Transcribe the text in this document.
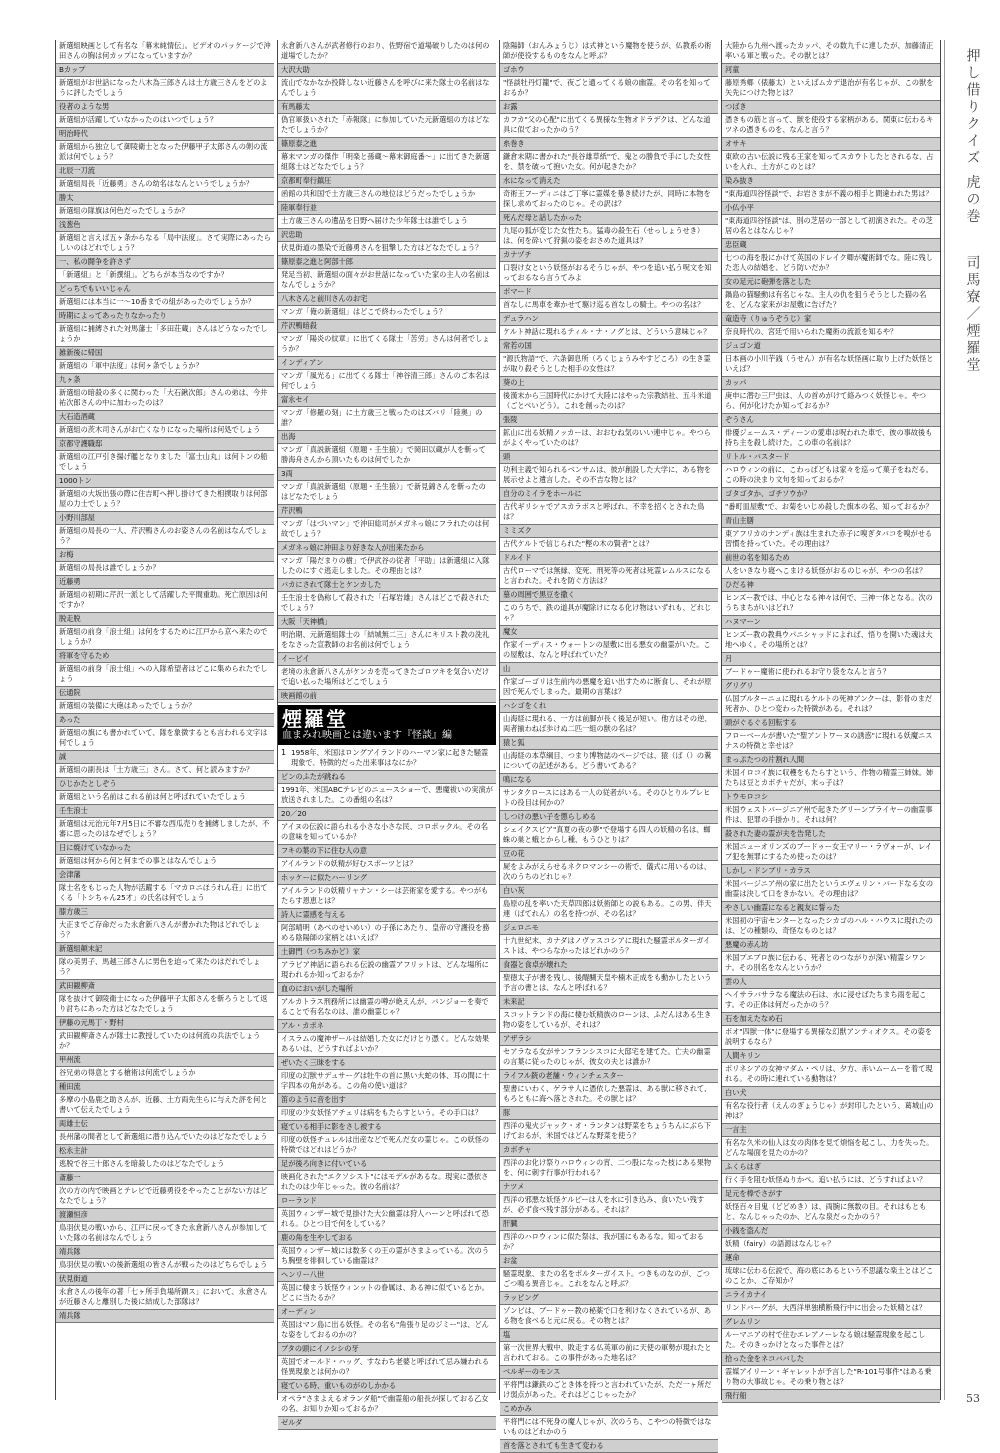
新選組映画として有名な「幕末純情伝」。ビデオのパッケージで沖田さんの胸は何カップになっていますか？
Bカップ
新選組がお世話になった八木為三郎さんは土方歳三さんをどのように評したでしょう
役者のような男
新選組が活躍していなかったのはいつでしょう？
明治時代
新選組から独立して御陵衛士となった伊藤甲子太郎さんの剣の流派は何でしょう？
北辰一刀流
新選組局長「近藤勇」さんの幼名はなんというでしょうか？
勝太
新選組の隊旗は何色だったでしょうか？
浅葱色
新選組と言えば五ヶ条からなる「局中法度」。さて実際にあったらしいのはどれでしょう？
一、私の闘争を許さず
「新選組」と「新撰組」。どちらが本当なのですか？
どっちでもいいじゃん
新選組には本当に一〜10番までの組があったのでしょうか？
時期によってあったりなかったり
新選組に捕縛された対馬藩士「多田荘蔵」さんはどうなったでしょうか
雑新後に帰国
新選組の「軍中法度」は何ヶ条でしょうか？
九ヶ条
新選組の暗殺の多くに関わった「大石鍬次郎」さんの弟は、今井祐次郎さんの中に加わったのは？
大石造酒蔵
新選組の茨木司さんがお亡くなりになった場所は何処でしょう
京都守護職邸
新選組の江戸引き揚げ艦となりました「富士山丸」は何トンの船でしょう
1000トン
新選組の大坂出張の際に住吉町へ押し掛けてきた相撲取りは何部屋の力士でしょう？
小野川部屋
新選組の局長の一人、芹沢鴨さんのお姿さんの名前はなんでしょう？
お梅
新選組の局長は誰でしょうか？
近藤勇
新選組の初期に芹沢一派として活躍した平間重助。死亡原因は何ですか？
脱走脱
新選組の前身「浪士組」は何をするために江戸から京へ来たのでしょうか？
将軍を守るため
新選組の前身「浪士組」への入隊希望者はどこに集められたでしょう
伝通院
新選組の装備に大砲はあったでしょうか？
あった
新選組の旗にも書かれていて、隊を象徴するとも言われる文字は何でしょう
誠
新選組の副長は「土方歳三」さん。さて、何と読みますか？
ひじかたとしぞう
新選組という名前はこれる前は何と呼ばれていたでしょう
壬生浪士
新選組は元治元年7月5日に不審な西瓜売りを捕縛しましたが、不審に思ったのはなぜでしょう？
日に焼けていなかった
新選組は何から何と何までの事とはなんでしょう
会津藩
隊士名をもじった人物が活躍する「マカロニほうれん荘」に出てくる「トシちゃん25才」の氏名は何でしょう
膝方歳三
大正までご存命だった永倉新八さんが書かれた物はどれでしょう？
新選組顛末記
隊の美男子、馬越三郎さんに男色を迫って来たのはだれでしょう？
武田観柳斎
隊を抜けて御陵衛士になった伊藤甲子太郎さんを斬ろうとして返り討ちにあった方はどなたでしょう
伊藤の元馬丁・野村
武田観柳斎さんが隊士に教授していたのは何流の兵法でしょうか？
甲州流
谷兄弟の得意とする槍術は何流でしょうか
種田流
多摩の小島鹿之助さんが、近藤、土方両先生らに与えた評を何と書いて伝えたでしょう
両雄士伝
長州藩の間者として新選組に潜り込んでいたのはどなたでしょう
松永主計
逃脱で谷三十郎さんを暗殺したのはどなたでしょう
斎藤一
次の方の内で映画とテレビで近藤勇役をやったことがない方はどなたでしょう？
渡瀬恒彦
鳥羽伏見の戦いから、江戸に戻ってきた永倉新八さんが参加していた隊の名前はなんでしょう
靖兵隊
鳥羽伏見の戦いの後新選組の皆さんが戦ったのはどちらでしょう
伏見街道
永倉さんの後年の著「七ヶ所手負場所顕ス」において、永倉さんが近藤さんと離別した後に結成した部隊は？
靖兵隊
永倉新八さんが武者修行のおり、佐野宿で道場破りしたのは何の道場でしたか？
大沢大助
流山でなかなか投降しない近藤さんを呼びに来た隊士の名前はなんでしょう
有馬藤太
偽官軍扱いされた「赤報隊」に参加していた元新選組の方はどなたでしょうか？
篠原泰之進
幕末マンガの傑作「明楽と孫蔵〜幕末御庭番〜」に出てきた新選組隊士はどなたでしょう？
京都町奉行鎮圧
函館の共和国で土方歳三さんの地位はどうだったでしょうか
陸軍奉行並
土方歳三さんの遺品を日野へ届けた少年隊士は誰でしょう
沢忠助
伏見街道の墨染で近藤勇さんを狙撃した方はどなたでしょう？
篠原泰之進と阿部十郎
発足当初、新選組の面々がお世話になっていた家の主人の名前はなんでしょうか？
八木さんと前川さんのお宅
マンガ「俺の新選組」はどこで終わったでしょう？
芹沢鴨暗殺
マンガ「陽炎の紋章」に出てくる隊士「苦労」さんは何者でしょうか？
インディアン
マンガ「風光る」に出てくる隊士「神谷清三郎」さんのご本名は何でしょう
富永セイ
マンガ「修羅の刻」に土方歳三と戦ったのはズバリ「陸奥」の誰？
出海
マンガ「真説新選組（原題・壬生狼）」で岡田以蔵が人を斬って勝海舟さんから頂いたものは何でしたか
3両
マンガ「真説新選組（原題・壬生狼）」で新見錦さんを斬ったのはどなたでしょう
芹沢鴨
マンガ「はづいマン」で沖田総司がメガネっ娘にフラれたのは何故でしょう？
メガネっ娘に沖田より好きな人が出来たから
マンガ「陽だまりの樹」で伊武谷の従者「平助」は新選組に入隊したのにすぐ逃走しました。その理由とは？
バカにされて隊士とケンカした
壬生浪士を偽称して殺された「石塚岩雄」さんはどこで殺されたでしょう？
大阪「天神橋」
明治期、元新選組隊士の「結城無二三」さんにキリスト教の洗礼をなさった宣教師のお名前は何でしょう
イービイ
老境の永倉新八さんがケンカを売ってきたゴロツキを気合いだけで追い払った場所はどこでしょう
映画館の前
煙羅堂
血まみれ映画とは違います『怪談』編
1 1958年、米国はロングアイランドのハーマン家に起きた騒霊現象で、特徴的だった出来事はなにか？
ビンのふたが跳ねる
1991年、米国ABCテレビのニュースショーで、悪魔祓いの実演が放送されました。この番組の名は？
20／20
アイヌの伝説に語られる小さな小さな民、コロポックル。その名の意味を知っているか？
フキの葉の下に住む人の意
アイルランドの妖精が好むスポーツとは？
ホッケーに似たハーリング
アイルランドの妖精リャナン・シーは芸術家を愛する。やつがもたらす恩恵とは？
詩人に霊感を与える
阿部晴明（あべのせいめい）の子孫にあたり、皇帝の守護役を務める陰陽師の家柄とはいえば？
土御門（つちみかど）家
アラビア神話に語られる伝説の幽霊アフリットは、どんな場所に現われるか知っておるか？
血のにおいがした場所
アルカトラス刑務所には幽霊の噂が絶えんが、バンジョーを奏でることで有名なのは、誰の幽霊じゃ？
アル・カポネ
イスラムの魔神ザールは結婚した女にだけとり憑く。どんな効果あるいは、どうすればよいか？
ぜいたく三昧をする
印度の幻獣サデュサーグは牡牛の首に黒い大蛇の体、耳の間に十字四本の角がある。この角の使い道は？
笛のように音を出す
印度の少女妖怪アチェリは病をもたらすという。その手口は？
寝ている相手に影をさし被する
印度の妖怪チュレルは出産などで死んだ女の霊じゃ。この妖怪の特徴ではどれはどうか？
足が後ろ向きに付いている
映画化された"エクソシスト"にはモデルがあるな。現実に憑依されたのは少年じゃった。彼の名前は？
ローランド
英国ウィンザー城で見掛けた大公幽霊は狩人ハーンと呼ばれて恐れる。ひとつ目で何をしている？
鹿の角を生やしておる
英国ウィンザー城には数多くの王の霊がさまよっている。次のうち胸壁を徘徊している幽霊は？
ヘンリー八世
英国に棲まう妖怪ウィンットの眷属は、ある神に似ているとか。どこに当たるか？
オーディン
英国はマン島に出る妖怪。その名も"角張り足のジミー"は、どんな姿をしておるのかの？
ブタの頭にイノシシの牙
英国でオールド・ハッグ、すなわち老婆と呼ばれて忌み嫌われる怪異現象とは何かの？
寝ている時、重いものがのしかかる
オペラ"さまよえるオランダ船"で幽霊船の船長が探しておる乙女の名、お知りか知っておるか？
ゼルダ
陰陽師（おんみょうじ）は式神という魔物を使うが、仏教系の術師が使役するものをなんと呼ぶ？
ゴホウ
"怪談牡丹灯籠"で、夜ごと通ってくる娘の幽霊。その名を知っておるか？
お露
カフカ"父の心配"に出てくる異様な生物オドラデクは、どんな道具に似ておったかのう？
糸巻き
鎌倉末期に書かれた"長谷雄草紙"で、鬼との勝負で手にした女性を、禁を破って抱いた女。何が起きたか？
水になって消えた
奇術王フーディニはご丁寧に霊媒を暴き続けたが、同時に本物を探し求めておったのじゃ。その訳は？
死んだ母と話したかった
九尾の狐が変じた女性たち。猛毒の殺生石（せっしょうせき）は、何を砕いて狩猟の姿をおさめた道具は？
カナヅチ
口裂け女という妖怪がおるそうじゃが、やつを追い払う呪文を知っておるなら言うてみよ
ポマード
首なしに馬車を牽かせて駆け巡る首なしの騎士。やつの名は？
デュラハン
ケルト神話に現れるティル・ナ・ノグとは、どういう意味じゃ？
常若の国
"源氏物語"で、六条御息所（ろくじょうみやすどころ）の生き霊が取り殺そうとした相手の女性は？
葵の上
後漢末から三国時代にかけて大陸にはやった宗教結社、五斗米道（ごとべいどう）。これを創ったのは？
張陵
鉱山に出る妖精ノッカーは、おおむね気のいい連中じゃ。やつらがよくやっていたのは？
頭
功利主義で知られるベンサムは、彼が創設した大学に、ある物を展示せよと遺言した。その不吉な物とは？
自分のミイラをホールに
古代ギリシャでアスカラボスと呼ばれ、不幸を招くとされた鳥は？
ミミズク
古代ケルトで信じられた"樫の木の賢者"とは？
ドルイド
古代ローマでは無縁、変死、刑死等の死者は死霊レムルスになると言われた。それを防ぐ方法は？
墓の周囲で黒豆を撒く
このうちで、鉄の道具が魔除けになる化け物はいずれも、どれじゃ？
魔女
作家イーディス・ウォートンの屋敷に出る悪女の幽霊がいた。この屋敷は、なんと呼ばれていた？
山
作家ゴーゴリは生前内の悪魔を追い出すために断食し、それが原因で死んでしまった。最期の言葉は？
ハシゴをくれ
山海経に現れる、一方は前脚が長く後足が短い。他方はその逆、両者揃わねば歩けぬ二匹一組の獣の名は？
猿と狐
山海経の本草綱目、つまり博物誌のページでは、猿（ば（）の糞についての記述がある。どう書いてある？
鳴になる
サンタクロースにはある一人の従者がいる。そのひとりルプレヒトの役目は何かの？
しつけの悪い子を懲らしめる
シェイクスピア"真夏の夜の夢"で登場する四人の妖精の名は、蜘蛛の巣と蛾とからし種、もうひとりは？
豆の花
屍をよみがえらせるネクロマンシーの術で、儀式に用いるのは、次のうちのどれじゃ？
白い灰
島原の乱を率いた天草四郎は妖術師との説もある。この男、伴天連（ばてれん）の名を持つが、その名は？
ジェロニモ
十九世紀末、カナダはノヴァスコシアに現れた騒霊ポルターガイストは、やつらなかったはどれかのう？
食器と食卓が壊れた
聖徳太子が書を残し、後醍醐天皇や楠木正成をも動かしたという予言の書とは、なんと呼ばれる？
未来記
スコットランドの海に棲む妖精族のローンは、ふだんはある生き物の姿をしているが、それは？
アザラシ
セアラなる女がサンフランシスコに大邸宅を建てた。亡夫の幽霊の言葉に従ったのじゃが、彼女の夫とは誰か？
ライフル銃の老舗・ウィンチェスター
聖書にいわく、ゲラサ人に憑依した悪霊は、ある獣に移されて、もろともに海へ落とされた。その獣とは？
豚
西洋の鬼火ジャック・オ・ランタンは野菜をちょうちんにぶら下げておるが、米国ではどんな野菜を使う？
カボチャ
西洋のお化け祭りハロウィンの宵、二つ股になった枝にある果物を、何に刺す行事が行われる？
ナツメ
西洋の邪悪な妖怪ケルピーは人を水に引き込み、食いたい残すが、必ず食べ残す部分がある。それは？
肝臓
西洋のハロウィンに似た祭は、我が国にもあるな。知っておるか？
お盆
騒霊現象、またの名をポルターガイスト。つきものなのが、ごつごつ鳴る異音じゃ。これをなんと呼ぶ？
ラッピング
ゾンビは、ブードゥー教の秘薬で口を利けなくされているが、ある物を食べると元に戻る。その物とは？
塩
第一次世界大戦中、敗走する仏英軍の前に天使の軍勢が現れたと言われておる。この事件があった地名は？
ベルギーのモンス
平将門は鎌鉄のごとき体を持つと言われていたが、ただ一ヶ所だけ弱点があった。それはどこじゃったか？
こめかみ
平将門には不死身の魔人じゃが、次のうち、こやつの特徴ではないものはどれかのう
首を落とされても生きて変わる
大陸から九州へ渡ったカッパ、その数九千に達したが、加藤清正率いる軍と戦った。その獣とは？
河童
藤原秀郷（俵藤太）といえばムカデ退治が有名じゃが、この獣を矢先につけた物とは？
つばき
憑きもの筋と言って、獣を使役する家柄がある。関東に伝わるキツネの憑きものを、なんと言う？
オサキ
東欧の古い伝説に残る王家を知ってスカウトしたとされるな、占いを入れ、土方がこのとは？
染み抜き
"東海道四谷怪談"で、お岩さまが不義の相手と間違われた男は？
小仏小平
"東海道四谷怪談"は、別の芝居の一部として初演された。その芝居の名とはなんじゃ？
忠臣蔵
七つの海を股にかけて英国のドレイク卿が魔術師でな。陸に残した恋人の結婚を、どう防いだか？
女の足元に砲弾を落とした
鍋島の猫騒動は有名じゃな。主人の仇を狙うそうとした猫の名を、どんな家来がお屋敷に告げた？
竜造寺（りゅうぞうじ）家
奈良時代の、宮廷で用いられた魔術の流派を知るや？
ジュゴン道
日本画の小川芋銭（うせん）が有名な妖怪画に取り上げた妖怪といえば？
カッパ
庚申に潜む三尸虫は、人の首めがけて絡みつく妖怪じゃ。やつら、何が化けたか知っておるか？
ぞうさん
俳優ジェームス・ディーンの愛車は呪われた車で、彼の事故後も持ち主を殺し続けた。この車の名前は？
リトル・バスタード
ハロウィンの前に、こわっぱどもは家々を巡って菓子をねだる。この時の決まり文句を知っておるか？
ゴタゴタか、ゴチソウか？
"番町皿屋敷"で、お菊をいじめ殺した旗本の名、知っておるか？
青山主膳
東アフリカのナンディ族は生まれた赤子に嗅ぎタバコを嗅がせる習慣を持っていた。その理由は？
前世の名を知るため
人をいきなり寝へこまける妖怪がおるのじゃが、やつの名は？
ひだる神
ヒンズー教では、中心となる神々は何で、三神一体となる。次のうちまちがいはどれ？
ハヌマーン
ヒンズー教の教典ウパニシャッドによれば、悟りを開いた魂は大地へゆく。その場所とは？
月
ブードゥー魔術に使われるお守り袋をなんと言う？
グリグリ
仏国ブルターニュに現れるケルトの死神アンクーは、影骨のまだ死者か、ひとつ変わった特徴がある。それは？
頭がぐるぐる回転する
フローベールが書いた"聖アントワーヌの誘惑"に現れる妖魔ニスナスの特徴と幸せは？
まっぷたつの片割れ人間
米国イロコイ族に収穫をもたらすという、作物の精霊三姉妹。姉たちは豆とカボチャだが、末っ子は？
トウモロコシ
米国ウェストバージニア州で起きたグリーンブライヤーの幽霊事件は、犯罪の手掛かり。それは何？
殺された妻の霊が夫を告発した
米国ニューオリンズのブードゥー女王マリー・ラヴォーが、レイプ犯を無罪にするため使ったのは？
しかし・ドンブリ・カラス
米国バージニア州の家に出たというエヴェリン・バードなる女の幽霊は決して口をきかない。その理由は？
やさしい幽霊になると親友に誓った
米国初の宇宙センターとなったシカゴのハル・ハウスに現れたのは、どの種類の、奇怪なものとは？
悪魔の赤ん坊
米国プエブロ族に伝わる、死者とのつながりが深い精霊シワンナ。その別名をなんというか？
雲の人
ヘイサラバサラなる魔法の石は、水に浸せばたちまち雨を起こす。その正体は何だったかのう？
石を加えたなめ石
ボオ"四獣一体"に登場する異様な幻獣アンティオクス。その姿を説明するなら？
人間キリン
ポリネシアの女神マダム・ペリは、夕方、赤いムームーを着て現れる。その時に連れている動物は？
白い犬
有名な役行者（えんのぎょうじゃ）が封印したという、葛城山の神は？
一言主
有名な久米の仙人は女の肉体を見て煩悩を起こし、力を失った。どんな場面を見たのかの？
ふくらはぎ
行く手を阻む妖怪ぬりかべ。追い払うには、どうすればよい？
足元を棒でさがす
妖怪百々目鬼（どどめき）は、両腕に無数の目。それはもともと、なんじゃったのか、どんな泉だったかのう？
小銭を盗んだ
妖精（fairy）の語源はなんじゃ？
運命
琉球に伝わる伝説で、海の底にあるという不思議な楽土とはどこのことか、ご存知か？
ニライカナイ
リンドバーグが、大西洋単独横断飛行中に出会った妖精とは？
グレムリン
ルーマニアの村で住むエレアノーレなる娘は騒霊現象を起こした。そのきっかけとなった事件とは？
拾った金をネコババした
霊媒アイリーン・ギャレットが予言した"R-101号事件"はある乗り物の大事故じゃ。その乗り物とは？
飛行船
押し借りクイズ 虎の巻
司馬寮／煙羅堂
53
